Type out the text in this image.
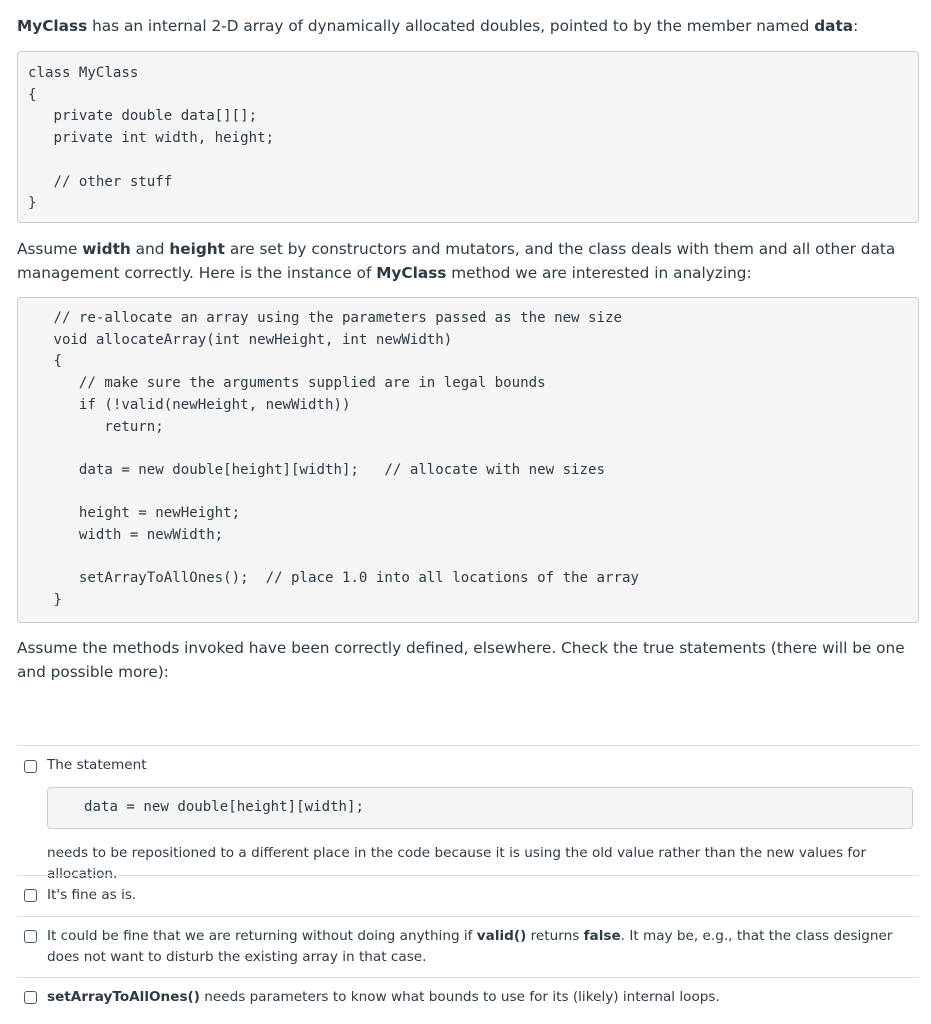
MyClass has an internal 2-D array of dynamically allocated doubles, pointed to by the member named data:

class MyClass
{
private double data[][];
private int width, height;

// other stuff
}

Assume width and height are set by constructors and mutators, and the class deals with them and all other data management correctly. Here is the instance of MyClass method we are interested in analyzing:

// re-allocate an array using the parameters passed as the new size
void allocateArray(int newHeight, int newWidth)
{
// make sure the arguments supplied are in legal bounds
if (!valid(newHeight, newWidth))
return;

data = new double[height][width];   // allocate with new sizes

height = newHeight;
width = newWidth;

setArrayToAllOnes();  // place 1.0 into all locations of the array
}

Assume the methods invoked have been correctly defined, elsewhere. Check the true statements (there will be one and possible more):

The statement
data = new double[height][width];
needs to be repositioned to a different place in the code because it is using the old value rather than the new values for allocation.
It's fine as is.
It could be fine that we are returning without doing anything if valid() returns false. It may be, e.g., that the class designer does not want to disturb the existing array in that case.
setArrayToAllOnes() needs parameters to know what bounds to use for its (likely) internal loops.
